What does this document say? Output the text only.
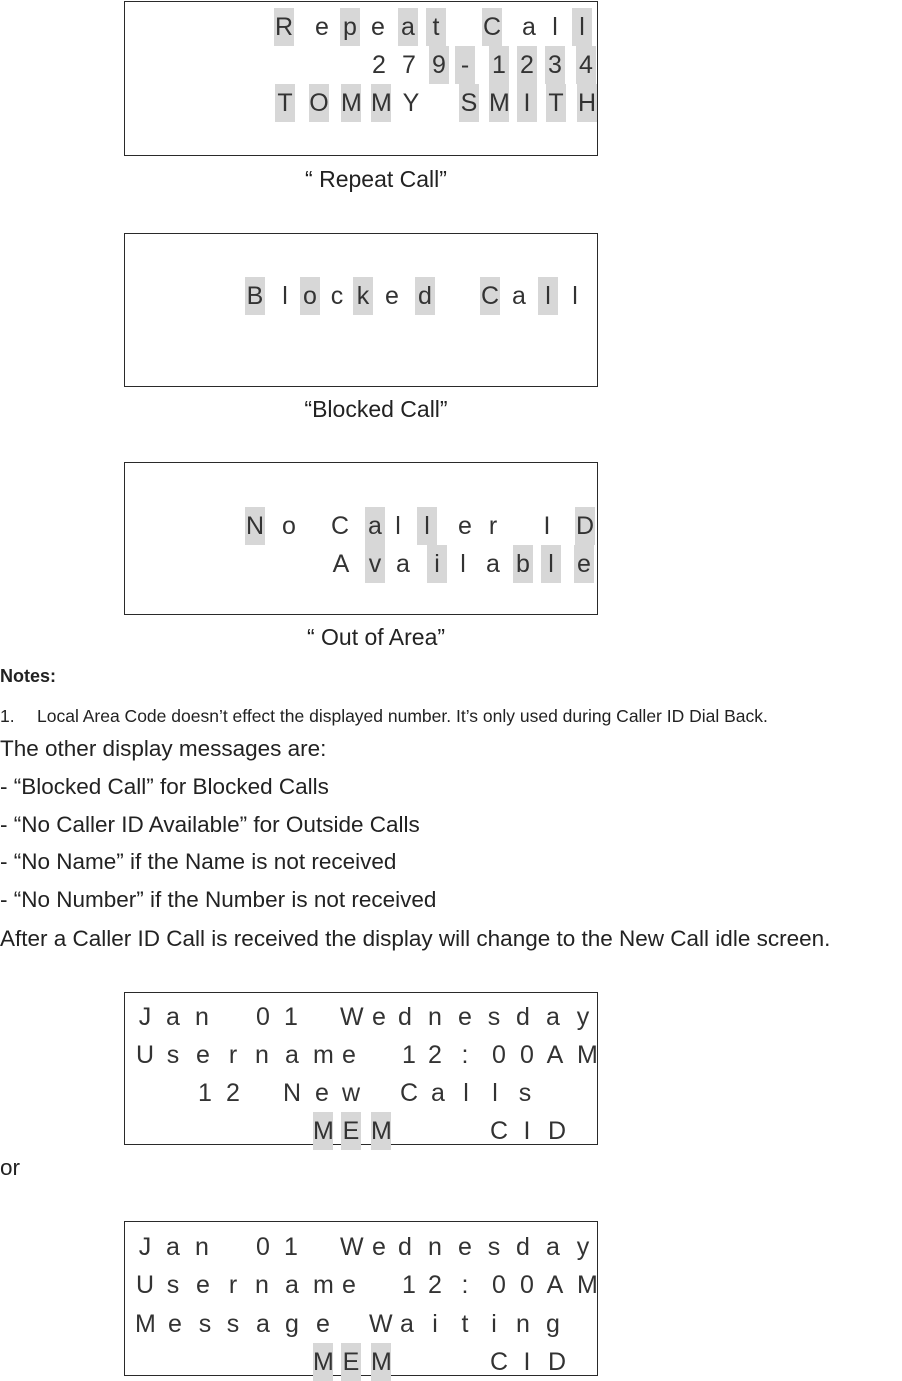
R e p e a t C a l l
2 7 9 - 1 2 3 4
T O M M Y S M I T H
“ Repeat Call”
B l o c k e d C a l l
“Blocked Call”
N o C a l l e r I D
A v a i l a b l e
“ Out of Area”
Notes:
1. Local Area Code doesn’t effect the displayed number. It’s only used during Caller ID Dial Back.
The other display messages are:
- “Blocked Call” for Blocked Calls
- “No Caller ID Available” for Outside Calls
- “No Name” if the Name is not received
- “No Number” if the Number is not received
After a Caller ID Call is received the display will change to the New Call idle screen.
J a n 0 1 W e d n e s d a y
U s e r n a m e 1 2 : 0 0 A M
1 2 N e w C a l l s
M E M	C I D
or
J a n 0 1 W e d n e s d a y
U s e r n a m e 1 2 : 0 0 A M
M e s s a g e W a i t i n g
M E M	C I D
